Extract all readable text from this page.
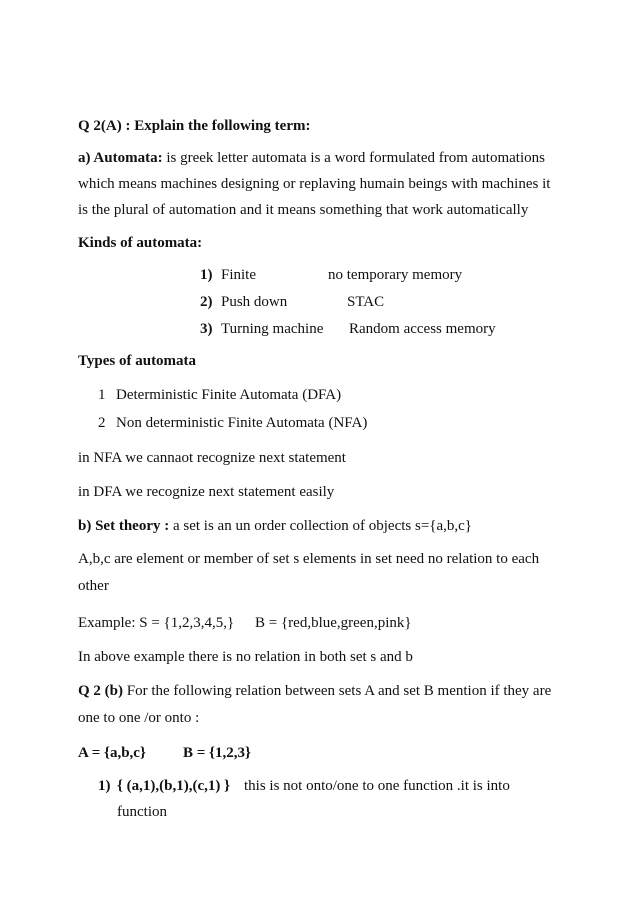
Q 2(A) : Explain the following term:
a) Automata: is greek letter automata is a word formulated from automations
which means machines designing or replaving humain beings with machines it
is the plural of automation and it means something that work automatically
Kinds of automata:
1) Finite	no temporary memory
2) Push down	STAC
3) Turning machine Random access memory
Types of automata
1 Deterministic Finite Automata (DFA)
2 Non deterministic Finite Automata (NFA)
in NFA we cannaot recognize next statement
in DFA we recognize next statement easily
b) Set theory : a set is an un order collection of objects s={a,b,c}
A,b,c are element or member of set s elements in set need no relation to each
other
Example: S = {1,2,3,4,5,} B = {red,blue,green,pink}
In above example there is no relation in both set s and b
Q 2 (b) For the following relation between sets A and set B mention if they are
one to one /or onto :
A = {a,b,c} B = {1,2,3}
1) { (a,1),(b,1),(c,1) } this is not onto/one to one function .it is into
function
